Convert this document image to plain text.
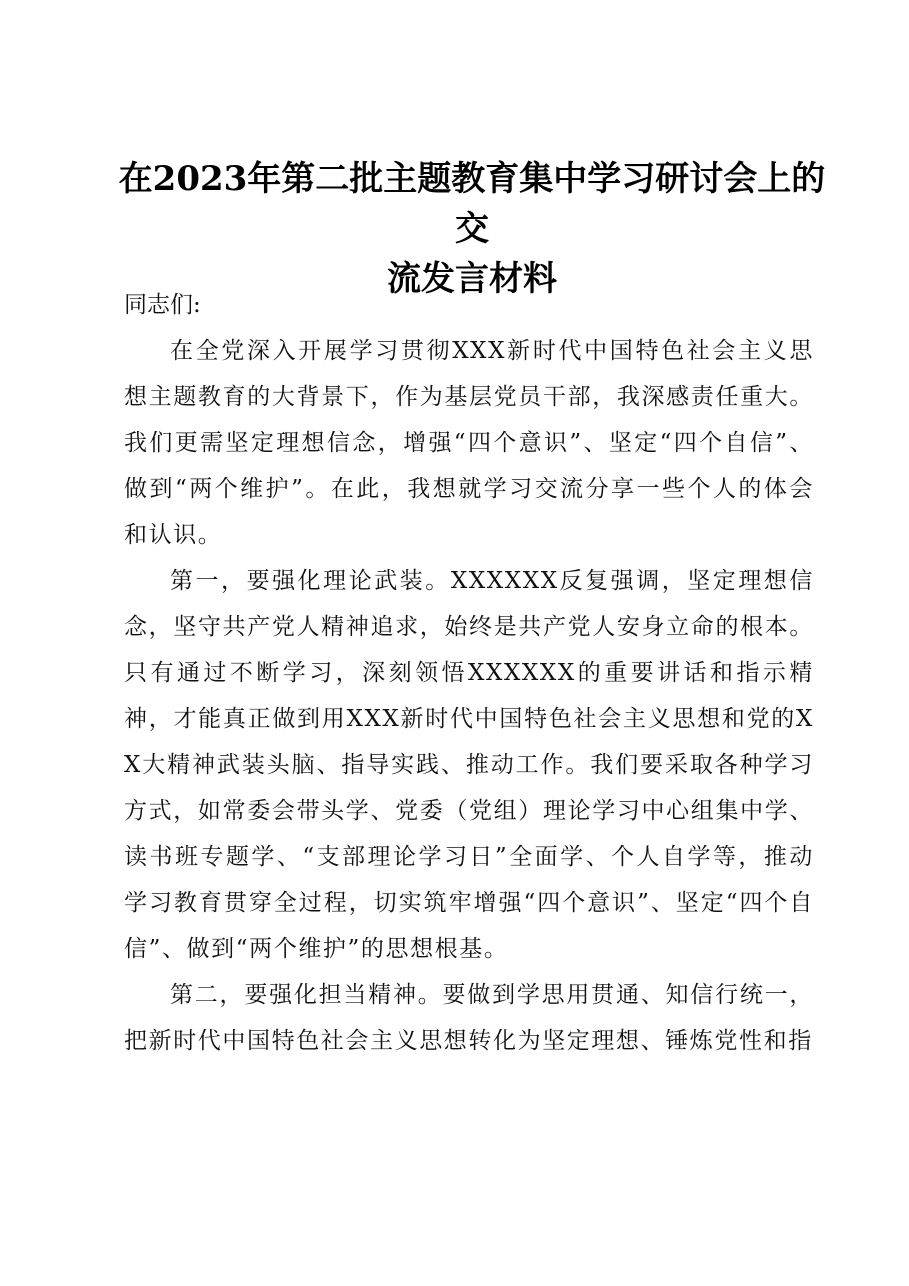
在2023年第二批主题教育集中学习研讨会上的交
流发言材料

同志们:

在全党深入开展学习贯彻XXX新时代中国特色社会主义思想主题教育的大背景下，作为基层党员干部，我深感责任重大。我们更需坚定理想信念，增强“四个意识”、坚定“四个自信”、做到“两个维护”。在此，我想就学习交流分享一些个人的体会和认识。

第一，要强化理论武装。XXXXXX反复强调，坚定理想信念，坚守共产党人精神追求，始终是共产党人安身立命的根本。只有通过不断学习，深刻领悟XXXXXX的重要讲话和指示精神，才能真正做到用XXX新时代中国特色社会主义思想和党的XX大精神武装头脑、指导实践、推动工作。我们要采取各种学习方式，如常委会带头学、党委（党组）理论学习中心组集中学、读书班专题学、“支部理论学习日”全面学、个人自学等，推动学习教育贯穿全过程，切实筑牢增强“四个意识”、坚定“四个自信”、做到“两个维护”的思想根基。

第二，要强化担当精神。要做到学思用贯通、知信行统一，把新时代中国特色社会主义思想转化为坚定理想、锤炼党性和指
